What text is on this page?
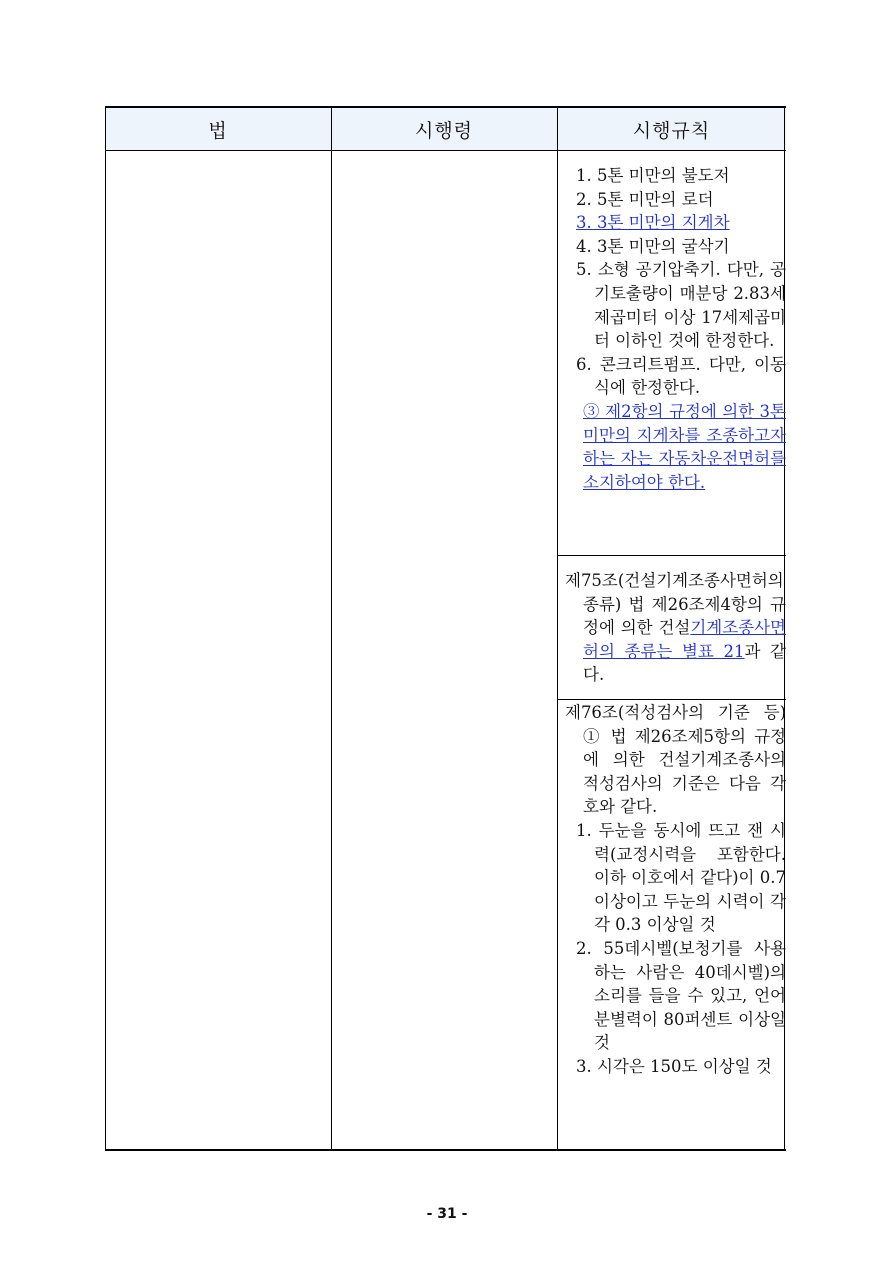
법	시행령	시행규칙

1. 5톤 미만의 불도저

2. 5톤 미만의 로더

3. 3톤 미만의 지게차

4. 3톤 미만의 굴삭기

5. 소형 공기압축기. 다만, 공기토출량이 매분당 2.83세제곱미터 이상 17세제곱미터 이하인 것에 한정한다.

6. 콘크리트펌프. 다만, 이동식에 한정한다.

③ 제2항의 규정에 의한 3톤 미만의 지게차를 조종하고자 하는 자는 자동차운전면허를 소지하여야 한다.

제75조(건설기계조종사면허의 종류) 법 제26조제4항의 규정에 의한 건설기계조종사면허의 종류는 별표 21과 같다.

제76조(적성검사의 기준 등) ① 법 제26조제5항의 규정에 의한 건설기계조종사의 적성검사의 기준은 다음 각 호와 같다.

1. 두눈을 동시에 뜨고 잰 시력(교정시력을 포함한다. 이하 이호에서 같다)이 0.7 이상이고 두눈의 시력이 각각 0.3 이상일 것

2. 55데시벨(보청기를 사용하는 사람은 40데시벨)의 소리를 들을 수 있고, 언어분별력이 80퍼센트 이상일 것

3. 시각은 150도 이상일 것

- 31 -
